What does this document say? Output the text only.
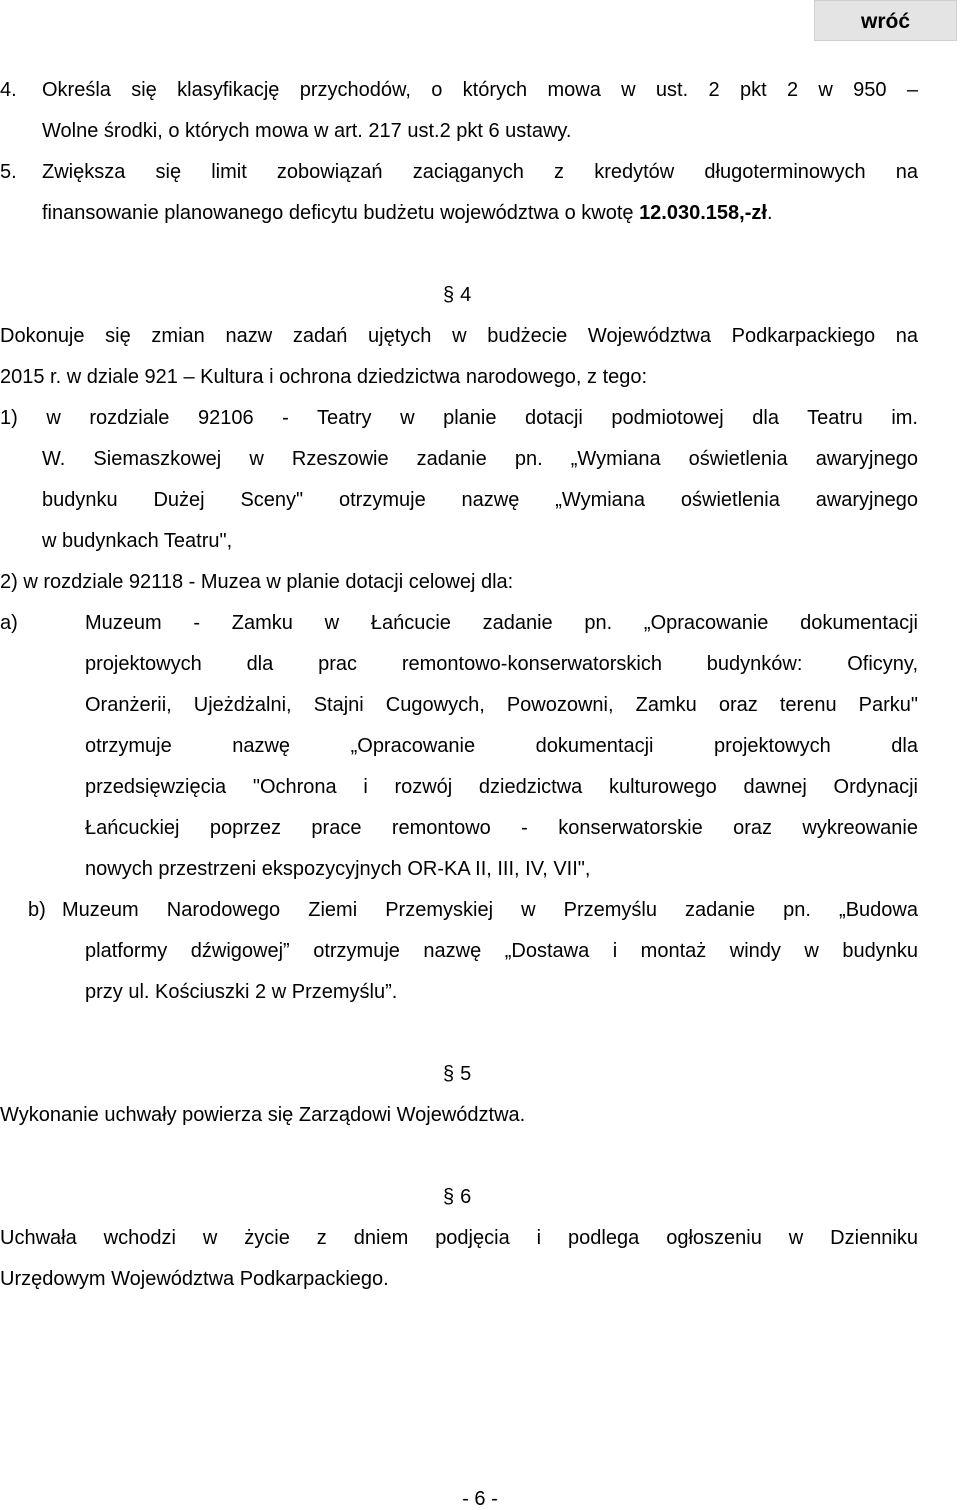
wróć
4. Określa się klasyfikację przychodów, o których mowa w ust. 2 pkt 2 w 950 –
Wolne środki, o których mowa w art. 217 ust.2 pkt 6 ustawy.
5. Zwiększa się limit zobowiązań zaciąganych z kredytów długoterminowych na
finansowanie planowanego deficytu budżetu województwa o kwotę 12.030.158,-zł.
§ 4
Dokonuje się zmian nazw zadań ujętych w budżecie Województwa Podkarpackiego na
2015 r. w dziale 921 – Kultura i ochrona dziedzictwa narodowego, z tego:
1) w rozdziale 92106 - Teatry w planie dotacji podmiotowej dla Teatru im.
W. Siemaszkowej w Rzeszowie zadanie pn. „Wymiana oświetlenia awaryjnego
budynku Dużej Sceny" otrzymuje nazwę „Wymiana oświetlenia awaryjnego
w budynkach Teatru",
2) w rozdziale 92118 - Muzea w planie dotacji celowej dla:
a)	Muzeum - Zamku w Łańcucie zadanie pn. „Opracowanie dokumentacji
projektowych dla prac remontowo-konserwatorskich budynków: Oficyny,
Oranżerii, Ujeżdżalni, Stajni Cugowych, Powozowni, Zamku oraz terenu Parku"
otrzymuje nazwę „Opracowanie dokumentacji projektowych dla
przedsięwzięcia "Ochrona i rozwój dziedzictwa kulturowego dawnej Ordynacji
Łańcuckiej poprzez prace remontowo - konserwatorskie oraz wykreowanie
nowych przestrzeni ekspozycyjnych OR-KA II, III, IV, VII",
b) Muzeum Narodowego Ziemi Przemyskiej w Przemyślu zadanie pn. „Budowa
platformy dźwigowej” otrzymuje nazwę „Dostawa i montaż windy w budynku
przy ul. Kościuszki 2 w Przemyślu”.
§ 5
Wykonanie uchwały powierza się Zarządowi Województwa.
§ 6
Uchwała wchodzi w życie z dniem podjęcia i podlega ogłoszeniu w Dzienniku
Urzędowym Województwa Podkarpackiego.
- 6 -
